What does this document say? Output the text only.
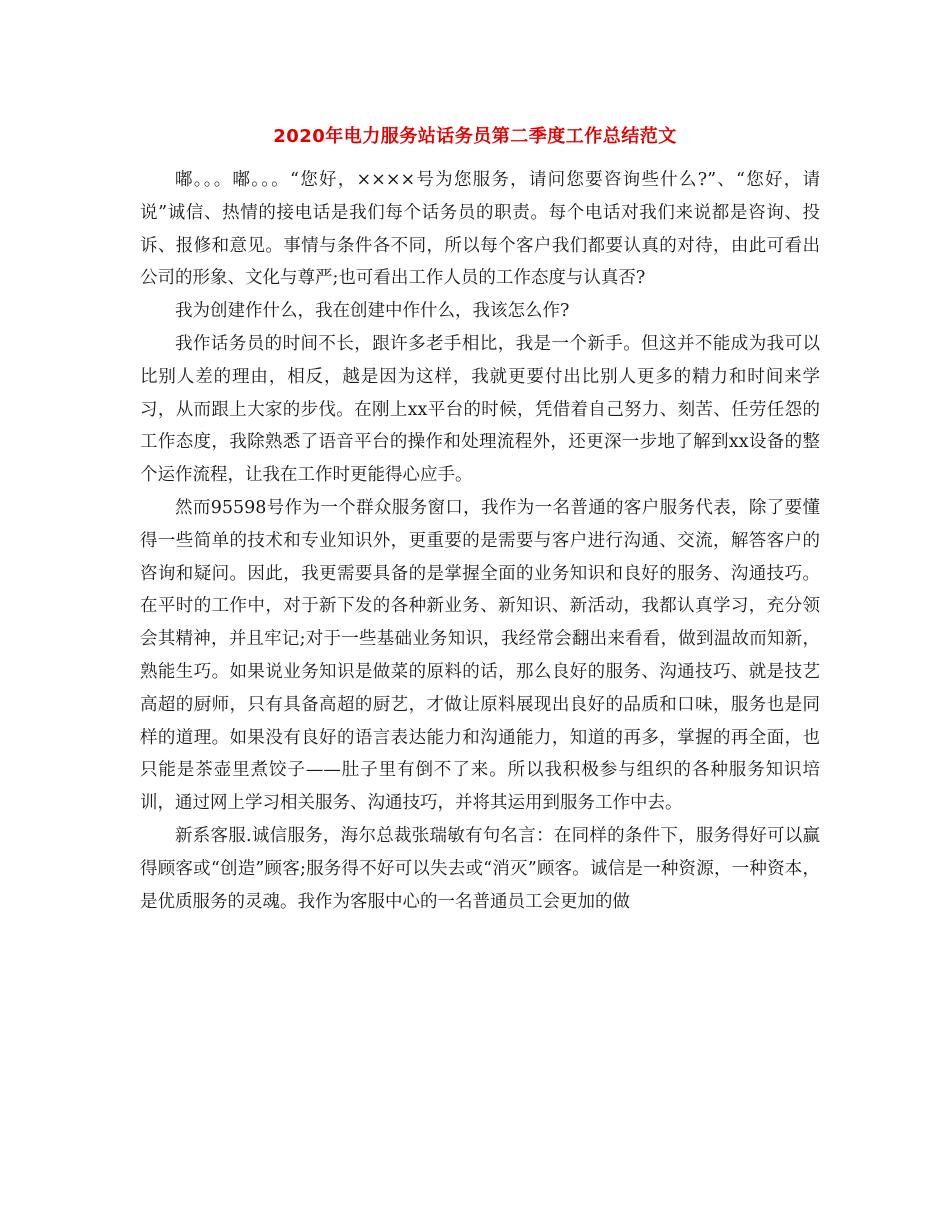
2020年电力服务站话务员第二季度工作总结范文

嘟。。。嘟。。。“您好，××××号为您服务，请问您要咨询些什么?”、“您好，请说”诚信、热情的接电话是我们每个话务员的职责。每个电话对我们来说都是咨询、投诉、报修和意见。事情与条件各不同，所以每个客户我们都要认真的对待，由此可看出公司的形象、文化与尊严;也可看出工作人员的工作态度与认真否?

我为创建作什么，我在创建中作什么，我该怎么作?

我作话务员的时间不长，跟许多老手相比，我是一个新手。但这并不能成为我可以比别人差的理由，相反，越是因为这样，我就更要付出比别人更多的精力和时间来学习，从而跟上大家的步伐。在刚上xx平台的时候，凭借着自己努力、刻苦、任劳任怨的工作态度，我除熟悉了语音平台的操作和处理流程外，还更深一步地了解到xx设备的整个运作流程，让我在工作时更能得心应手。

然而95598号作为一个群众服务窗口，我作为一名普通的客户服务代表，除了要懂得一些简单的技术和专业知识外，更重要的是需要与客户进行沟通、交流，解答客户的咨询和疑问。因此，我更需要具备的是掌握全面的业务知识和良好的服务、沟通技巧。在平时的工作中，对于新下发的各种新业务、新知识、新活动，我都认真学习，充分领会其精神，并且牢记;对于一些基础业务知识，我经常会翻出来看看，做到温故而知新，熟能生巧。如果说业务知识是做菜的原料的话，那么良好的服务、沟通技巧、就是技艺高超的厨师，只有具备高超的厨艺，才做让原料展现出良好的品质和口味，服务也是同样的道理。如果没有良好的语言表达能力和沟通能力，知道的再多，掌握的再全面，也只能是茶壶里煮饺子——肚子里有倒不了来。所以我积极参与组织的各种服务知识培训，通过网上学习相关服务、沟通技巧，并将其运用到服务工作中去。

新系客服.诚信服务，海尔总裁张瑞敏有句名言：在同样的条件下，服务得好可以赢得顾客或“创造”顾客;服务得不好可以失去或“消灭”顾客。诚信是一种资源，一种资本，是优质服务的灵魂。我作为客服中心的一名普通员工会更加的做
